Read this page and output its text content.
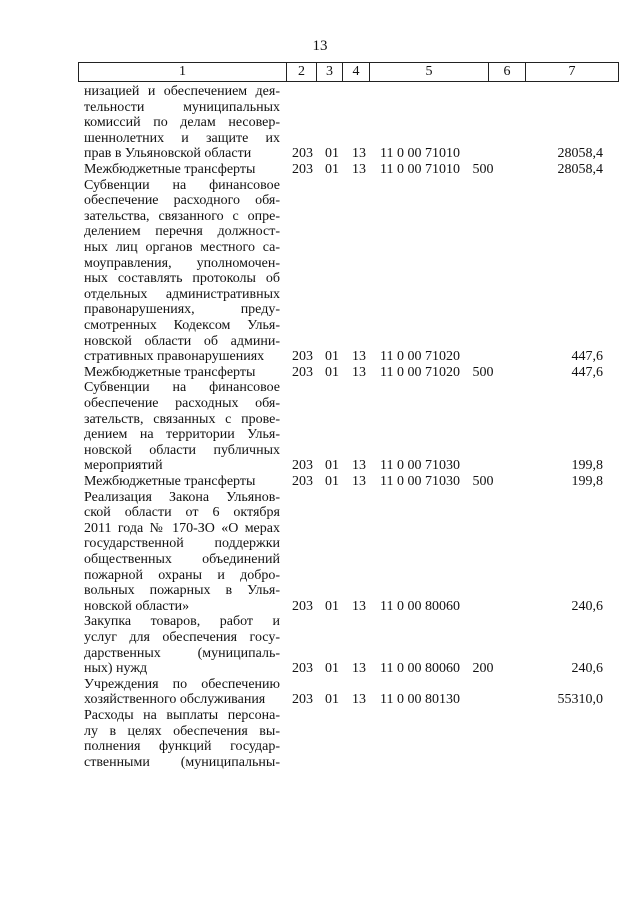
13
1	2	3	4	5	6	7
низацией и обеспечением дея-
тельности муниципальных
комиссий по делам несовер-
шеннолетних и защите их
прав в Ульяновской области	203 01 13	11 0 00 71010	28058,4
Межбюджетные трансферты	203 01 13	11 0 00 71010 500	28058,4
Субвенции на финансовое
обеспечение расходного обя-
зательства, связанного с опре-
делением перечня должност-
ных лиц органов местного са-
моуправления, уполномочен-
ных составлять протоколы об
отдельных административных
правонарушениях, преду-
смотренных Кодексом Улья-
новской области об админи-
стративных правонарушениях	203 01 13	11 0 00 71020	447,6
Межбюджетные трансферты	203 01 13	11 0 00 71020 500	447,6
Субвенции на финансовое
обеспечение расходных обя-
зательств, связанных с прове-
дением на территории Улья-
новской области публичных
мероприятий	203 01 13	11 0 00 71030	199,8
Межбюджетные трансферты	203 01 13	11 0 00 71030 500	199,8
Реализация Закона Ульянов-
ской области от 6 октября
2011 года № 170-ЗО «О мерах
государственной поддержки
общественных объединений
пожарной охраны и добро-
вольных пожарных в Улья-
новской области»	203 01 13	11 0 00 80060	240,6
Закупка товаров, работ и
услуг для обеспечения госу-
дарственных (муниципаль-
ных) нужд	203 01 13	11 0 00 80060 200	240,6
Учреждения по обеспечению
хозяйственного обслуживания	203 01 13	11 0 00 80130	55310,0
Расходы на выплаты персона-
лу в целях обеспечения вы-
полнения функций государ-
ственными (муниципальны-
